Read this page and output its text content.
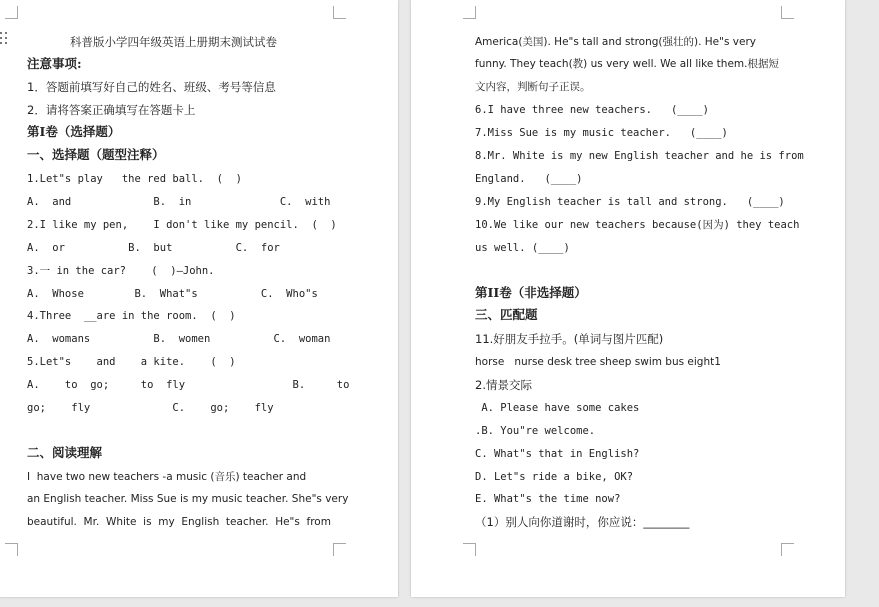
科普版小学四年级英语上册期末测试试卷
注意事项:
1．答题前填写好自己的姓名、班级、考号等信息
2．请将答案正确填写在答题卡上
第I卷（选择题）
一、选择题（题型注释）
1.Let"s play   the red ball.  (  )
A.  and             B.  in              C.  with
2.I like my pen,    I don't like my pencil.  (  )
A.  or          B.  but          C.  for
3.一 in the car?    (  )—John.
A.  Whose        B.  What"s          C.  Who"s
4.Three  __are in the room.  (  )
A.  womans          B.  women          C.  woman
5.Let"s    and    a kite.    (  )
A.    to  go;     to  fly                 B.     to
go;    fly             C.    go;    fly
二、阅读理解
I  have two new teachers -a music (音乐) teacher and
an English teacher. Miss Sue is my music teacher. She"s very
beautiful.  Mr.  White  is  my  English  teacher.  He"s  from
America(美国). He"s tall and strong(强壮的). He"s very
funny. They teach(教) us very well. We all like them.根据短
文内容，判断句子正误。
6.I have three new teachers.   (____)
7.Miss Sue is my music teacher.   (____)
8.Mr. White is my new English teacher and he is from
England.   (____)
9.My English teacher is tall and strong.   (____)
10.We like our new teachers because(因为) they teach
us well. (____)
第II卷（非选择题）
三、匹配题
11.好朋友手拉手。(单词与图片匹配)
horse   nurse desk tree sheep swim bus eight1
2.情景交际
A. Please have some cakes
.B. You"re welcome.
C. What"s that in English?
D. Let"s ride a bike, OK?
E. What"s the time now?
（1）别人向你道谢时，你应说：________
